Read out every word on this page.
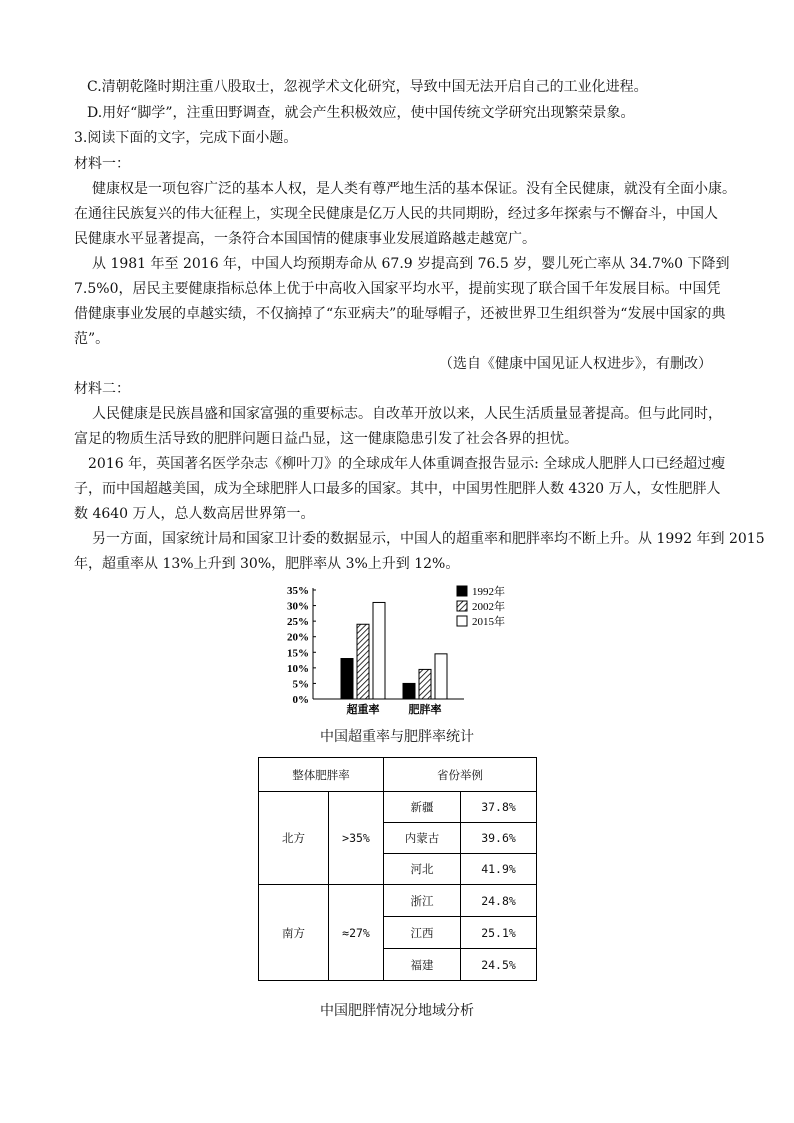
C.清朝乾隆时期注重八股取士，忽视学术文化研究，导致中国无法开启自己的工业化进程。
D.用好“脚学”，注重田野调查，就会产生积极效应，使中国传统文学研究出现繁荣景象。
3.阅读下面的文字，完成下面小题。
材料一：
健康权是一项包容广泛的基本人权，是人类有尊严地生活的基本保证。没有全民健康，就没有全面小康。
在通往民族复兴的伟大征程上，实现全民健康是亿万人民的共同期盼，经过多年探索与不懈奋斗，中国人
民健康水平显著提高，一条符合本国国情的健康事业发展道路越走越宽广。
从 1981 年至 2016 年，中国人均预期寿命从 67.9 岁提高到 76.5 岁，婴儿死亡率从 34.7%0 下降到
7.5%0，居民主要健康指标总体上优于中高收入国家平均水平，提前实现了联合国千年发展目标。中国凭
借健康事业发展的卓越实绩，不仅摘掉了“东亚病夫”的耻辱帽子，还被世界卫生组织誉为“发展中国家的典
范”。
（选自《健康中国见证人权进步》，有删改）
材料二：
人民健康是民族昌盛和国家富强的重要标志。自改革开放以来，人民生活质量显著提高。但与此同时，
富足的物质生活导致的肥胖问题日益凸显，这一健康隐患引发了社会各界的担忧。
2016 年，英国著名医学杂志《柳叶刀》的全球成年人体重调查报告显示: 全球成人肥胖人口已经超过瘦
子，而中国超越美国，成为全球肥胖人口最多的国家。其中，中国男性肥胖人数 4320 万人，女性肥胖人
数 4640 万人，总人数高居世界第一。
另一方面，国家统计局和国家卫计委的数据显示，中国人的超重率和肥胖率均不断上升。从 1992 年到 2015
年，超重率从 13%上升到 30%，肥胖率从 3%上升到 12%。
0%
5%
10%
15%
20%
25%
30%
35%
超重率	肥胖率
1992年
2002年
2015年
中国超重率与肥胖率统计
整体肥胖率		省份举例	
北方	>35%	新疆	37.8%
		内蒙古	39.6%
		河北	41.9%
南方	≈27%	浙江	24.8%
		江西	25.1%
		福建	24.5%
中国肥胖情况分地域分析
